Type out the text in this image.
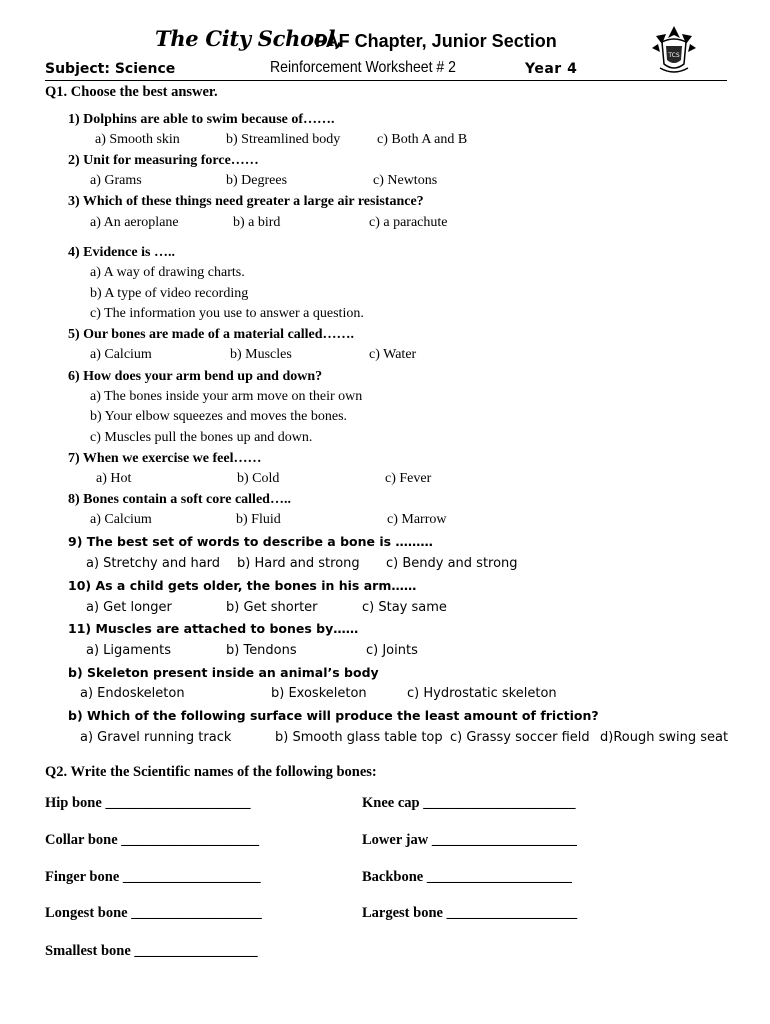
The City School,
PAF Chapter, Junior Section
Subject: Science	Reinforcement Worksheet # 2	Year 4
TCS
Q1. Choose the best answer.
1) Dolphins are able to swim because of…….
a) Smooth skin	b) Streamlined body	c) Both A and B
2) Unit for measuring force……
a) Grams	b) Degrees	c) Newtons
3) Which of these things need greater a large air resistance?
a) An aeroplane	b) a bird	c) a parachute
4) Evidence is …..
a) A way of drawing charts.
b) A type of video recording
c) The information you use to answer a question.
5) Our bones are made of a material called…….
a) Calcium	b) Muscles	c) Water
6) How does your arm bend up and down?
a) The bones inside your arm move on their own
b) Your elbow squeezes and moves the bones.
c) Muscles pull the bones up and down.
7) When we exercise we feel……
a) Hot	b) Cold	c) Fever
8) Bones contain a soft core called…..
a) Calcium	b) Fluid	c) Marrow
9) The best set of words to describe a bone is ………
a) Stretchy and hard b) Hard and strong c) Bendy and strong
10) As a child gets older, the bones in his arm……
a) Get longer	b) Get shorter	c) Stay same
11) Muscles are attached to bones by……
a) Ligaments	b) Tendons	c) Joints
b) Skeleton present inside an animal’s body
a) Endoskeleton	b) Exoskeleton	c) Hydrostatic skeleton
b) Which of the following surface will produce the least amount of friction?
a) Gravel running track	b) Smooth glass table top c) Grassy soccer field d)Rough swing seat
Q2. Write the Scientific names of the following bones:
Hip bone ____________________	Knee cap _____________________
Collar bone ___________________	Lower jaw ____________________
Finger bone ___________________	Backbone ____________________
Longest bone __________________	Largest bone __________________
Smallest bone _________________
